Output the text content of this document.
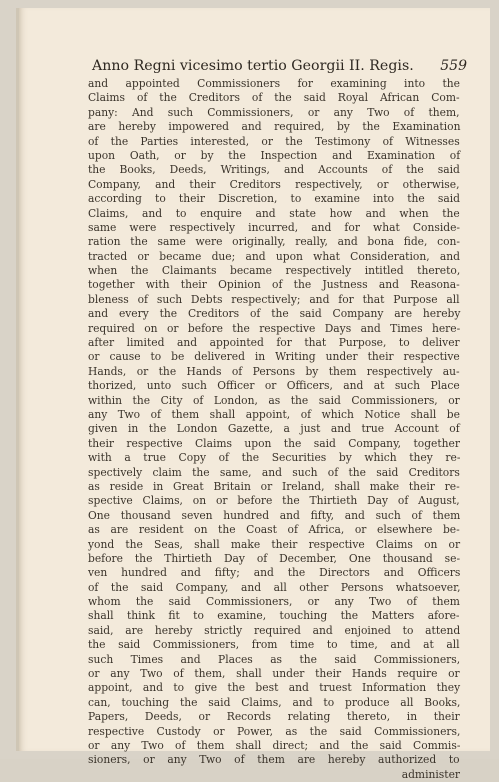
Anno Regni vicesimo tertio Georgii II. Regis. 559
and appointed Commissioners for examining into the
Claims of the Creditors of the said Royal African Com-
pany: And such Commissioners, or any Two of them,
are hereby impowered and required, by the Examination
of the Parties interested, or the Testimony of Witnesses
upon Oath, or by the Inspection and Examination of
the Books, Deeds, Writings, and Accounts of the said
Company, and their Creditors respectively, or otherwise,
according to their Discretion, to examine into the said
Claims, and to enquire and state how and when the
same were respectively incurred, and for what Conside-
ration the same were originally, really, and bona fide, con-
tracted or became due; and upon what Consideration, and
when the Claimants became respectively intitled thereto,
together with their Opinion of the Justness and Reasona-
bleness of such Debts respectively; and for that Purpose all
and every the Creditors of the said Company are hereby
required on or before the respective Days and Times here-
after limited and appointed for that Purpose, to deliver
or cause to be delivered in Writing under their respective
Hands, or the Hands of Persons by them respectively au-
thorized, unto such Officer or Officers, and at such Place
within the City of London, as the said Commissioners, or
any Two of them shall appoint, of which Notice shall be
given in the London Gazette, a just and true Account of
their respective Claims upon the said Company, together
with a true Copy of the Securities by which they re-
spectively claim the same, and such of the said Creditors
as reside in Great Britain or Ireland, shall make their re-
spective Claims, on or before the Thirtieth Day of August,
One thousand seven hundred and fifty, and such of them
as are resident on the Coast of Africa, or elsewhere be-
yond the Seas, shall make their respective Claims on or
before the Thirtieth Day of December, One thousand se-
ven hundred and fifty; and the Directors and Officers
of the said Company, and all other Persons whatsoever,
whom the said Commissioners, or any Two of them
shall think fit to examine, touching the Matters afore-
said, are hereby strictly required and enjoined to attend
the said Commissioners, from time to time, and at all
such Times and Places as the said Commissioners,
or any Two of them, shall under their Hands require or
appoint, and to give the best and truest Information they
can, touching the said Claims, and to produce all Books,
Papers, Deeds, or Records relating thereto, in their
respective Custody or Power, as the said Commissioners,
or any Two of them shall direct; and the said Commis-
sioners, or any Two of them are hereby authorized to
administer
